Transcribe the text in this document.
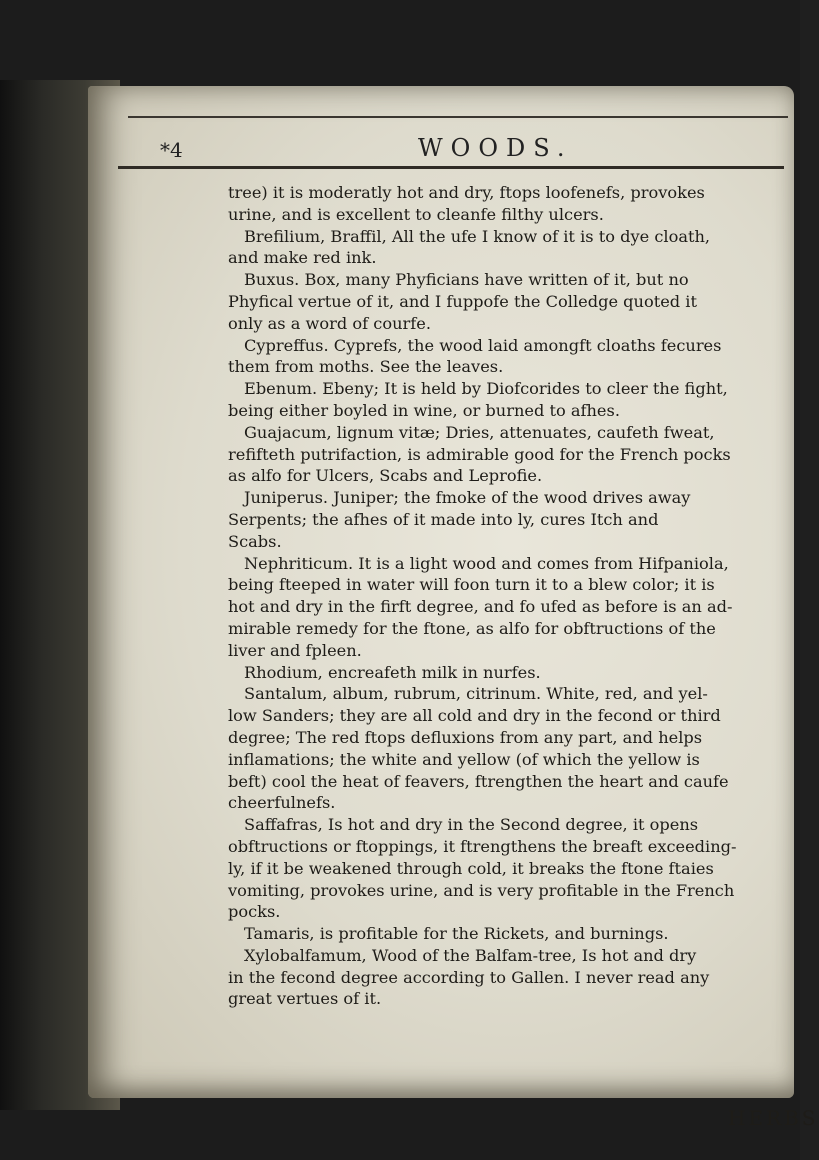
*4	WOODS.
tree) it is moderatly hot and dry, ftops loofenefs, provokes
urine, and is excellent to cleanfe filthy ulcers.
Brefilium, Braffil, All the ufe I know of it is to dye cloath,
and make red ink.
Buxus. Box, many Phyficians have written of it, but no
Phyfical vertue of it, and I fuppofe the Colledge quoted it
only as a word of courfe.
Cypreffus. Cyprefs, the wood laid amongft cloaths fecures
them from moths. See the leaves.
Ebenum. Ebeny; It is held by Diofcorides to cleer the fight,
being either boyled in wine, or burned to afhes.
Guajacum, lignum vitæ; Dries, attenuates, caufeth fweat,
refifteth putrifaction, is admirable good for the French pocks
as alfo for Ulcers, Scabs and Leprofie.
Juniperus. Juniper; the fmoke of the wood drives away
Serpents; the afhes of it made into ly, cures Itch and
Scabs.
Nephriticum. It is a light wood and comes from Hifpaniola,
being fteeped in water will foon turn it to a blew color; it is
hot and dry in the firft degree, and fo ufed as before is an ad-
mirable remedy for the ftone, as alfo for obftructions of the
liver and fpleen.
Rhodium, encreafeth milk in nurfes.
Santalum, album, rubrum, citrinum. White, red, and yel-
low Sanders; they are all cold and dry in the fecond or third
degree; The red ftops defluxions from any part, and helps
inflamations; the white and yellow (of which the yellow is
beft) cool the heat of feavers, ftrengthen the heart and caufe
cheerfulnefs.
Saffafras, Is hot and dry in the Second degree, it opens
obftructions or ftoppings, it ftrengthens the breaft exceeding-
ly, if it be weakened through cold, it breaks the ftone ftaies
vomiting, provokes urine, and is very profitable in the French
pocks.
Tamaris, is profitable for the Rickets, and burnings.
Xylobalfamum, Wood of the Balfam-tree, Is hot and dry
in the fecond degree according to Gallen. I never read any
great vertues of it.
HERBS
